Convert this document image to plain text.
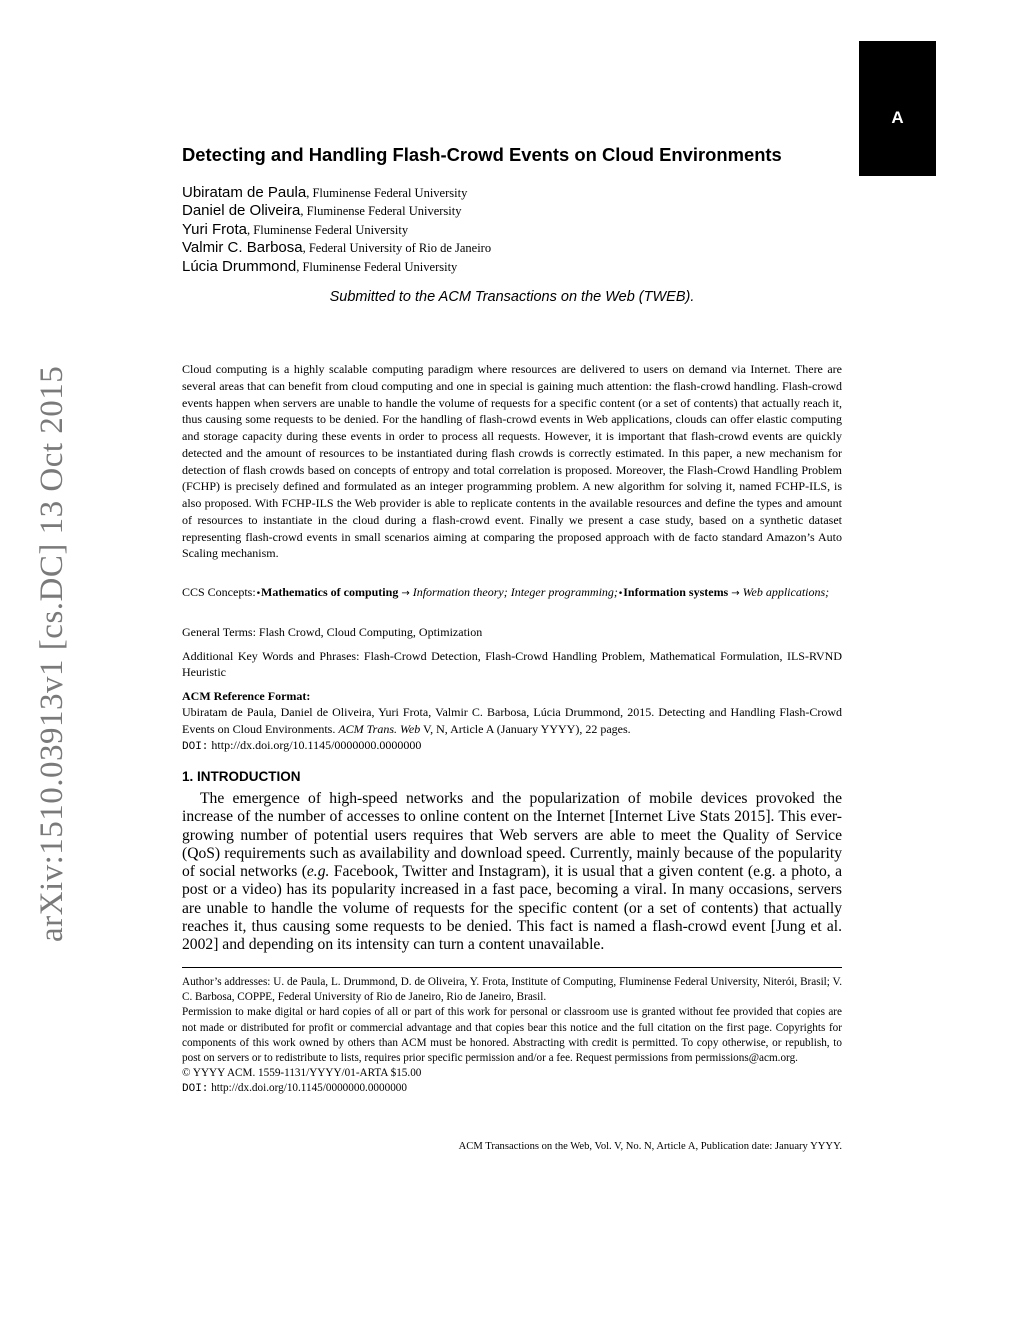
A
arXiv:1510.03913v1 [cs.DC] 13 Oct 2015
Detecting and Handling Flash-Crowd Events on Cloud Environments
Ubiratam de Paula, Fluminense Federal University
Daniel de Oliveira, Fluminense Federal University
Yuri Frota, Fluminense Federal University
Valmir C. Barbosa, Federal University of Rio de Janeiro
Lúcia Drummond, Fluminense Federal University
Submitted to the ACM Transactions on the Web (TWEB).

Cloud computing is a highly scalable computing paradigm where resources are delivered to users on demand via Internet. There are several areas that can benefit from cloud computing and one in special is gaining much attention: the flash-crowd handling. Flash-crowd events happen when servers are unable to handle the volume of requests for a specific content (or a set of contents) that actually reach it, thus causing some requests to be denied. For the handling of flash-crowd events in Web applications, clouds can offer elastic computing and storage capacity during these events in order to process all requests. However, it is important that flash-crowd events are quickly detected and the amount of resources to be instantiated during flash crowds is correctly estimated. In this paper, a new mechanism for detection of flash crowds based on concepts of entropy and total correlation is proposed. Moreover, the Flash-Crowd Handling Problem (FCHP) is precisely defined and formulated as an integer programming problem. A new algorithm for solving it, named FCHP-ILS, is also proposed. With FCHP-ILS the Web provider is able to replicate contents in the available resources and define the types and amount of resources to instantiate in the cloud during a flash-crowd event. Finally we present a case study, based on a synthetic dataset representing flash-crowd events in small scenarios aiming at comparing the proposed approach with de facto standard Amazon’s Auto Scaling mechanism.

CCS Concepts:•Mathematics of computing → Information theory; Integer programming;•Information systems → Web applications;

General Terms: Flash Crowd, Cloud Computing, Optimization

Additional Key Words and Phrases: Flash-Crowd Detection, Flash-Crowd Handling Problem, Mathematical Formulation, ILS-RVND Heuristic

ACM Reference Format:
Ubiratam de Paula, Daniel de Oliveira, Yuri Frota, Valmir C. Barbosa, Lúcia Drummond, 2015. Detecting and Handling Flash-Crowd Events on Cloud Environments. ACM Trans. Web V, N, Article A (January YYYY), 22 pages.
DOI: http://dx.doi.org/10.1145/0000000.0000000
1. INTRODUCTION

The emergence of high-speed networks and the popularization of mobile devices provoked the increase of the number of accesses to online content on the Internet [Internet Live Stats 2015]. This ever-growing number of potential users requires that Web servers are able to meet the Quality of Service (QoS) requirements such as availability and download speed. Currently, mainly because of the popularity of social networks (e.g. Facebook, Twitter and Instagram), it is usual that a given content (e.g. a photo, a post or a video) has its popularity increased in a fast pace, becoming a viral. In many occasions, servers are unable to handle the volume of requests for the specific content (or a set of contents) that actually reaches it, thus causing some requests to be denied. This fact is named a flash-crowd event [Jung et al. 2002] and depending on its intensity can turn a content unavailable.

Author’s addresses: U. de Paula, L. Drummond, D. de Oliveira, Y. Frota, Institute of Computing, Fluminense Federal University, Niterói, Brasil; V. C. Barbosa, COPPE, Federal University of Rio de Janeiro, Rio de Janeiro, Brasil.

Permission to make digital or hard copies of all or part of this work for personal or classroom use is granted without fee provided that copies are not made or distributed for profit or commercial advantage and that copies bear this notice and the full citation on the first page. Copyrights for components of this work owned by others than ACM must be honored. Abstracting with credit is permitted. To copy otherwise, or republish, to post on servers or to redistribute to lists, requires prior specific permission and/or a fee. Request permissions from permissions@acm.org.

© YYYY ACM. 1559-1131/YYYY/01-ARTA $15.00

DOI: http://dx.doi.org/10.1145/0000000.0000000

ACM Transactions on the Web, Vol. V, No. N, Article A, Publication date: January YYYY.
